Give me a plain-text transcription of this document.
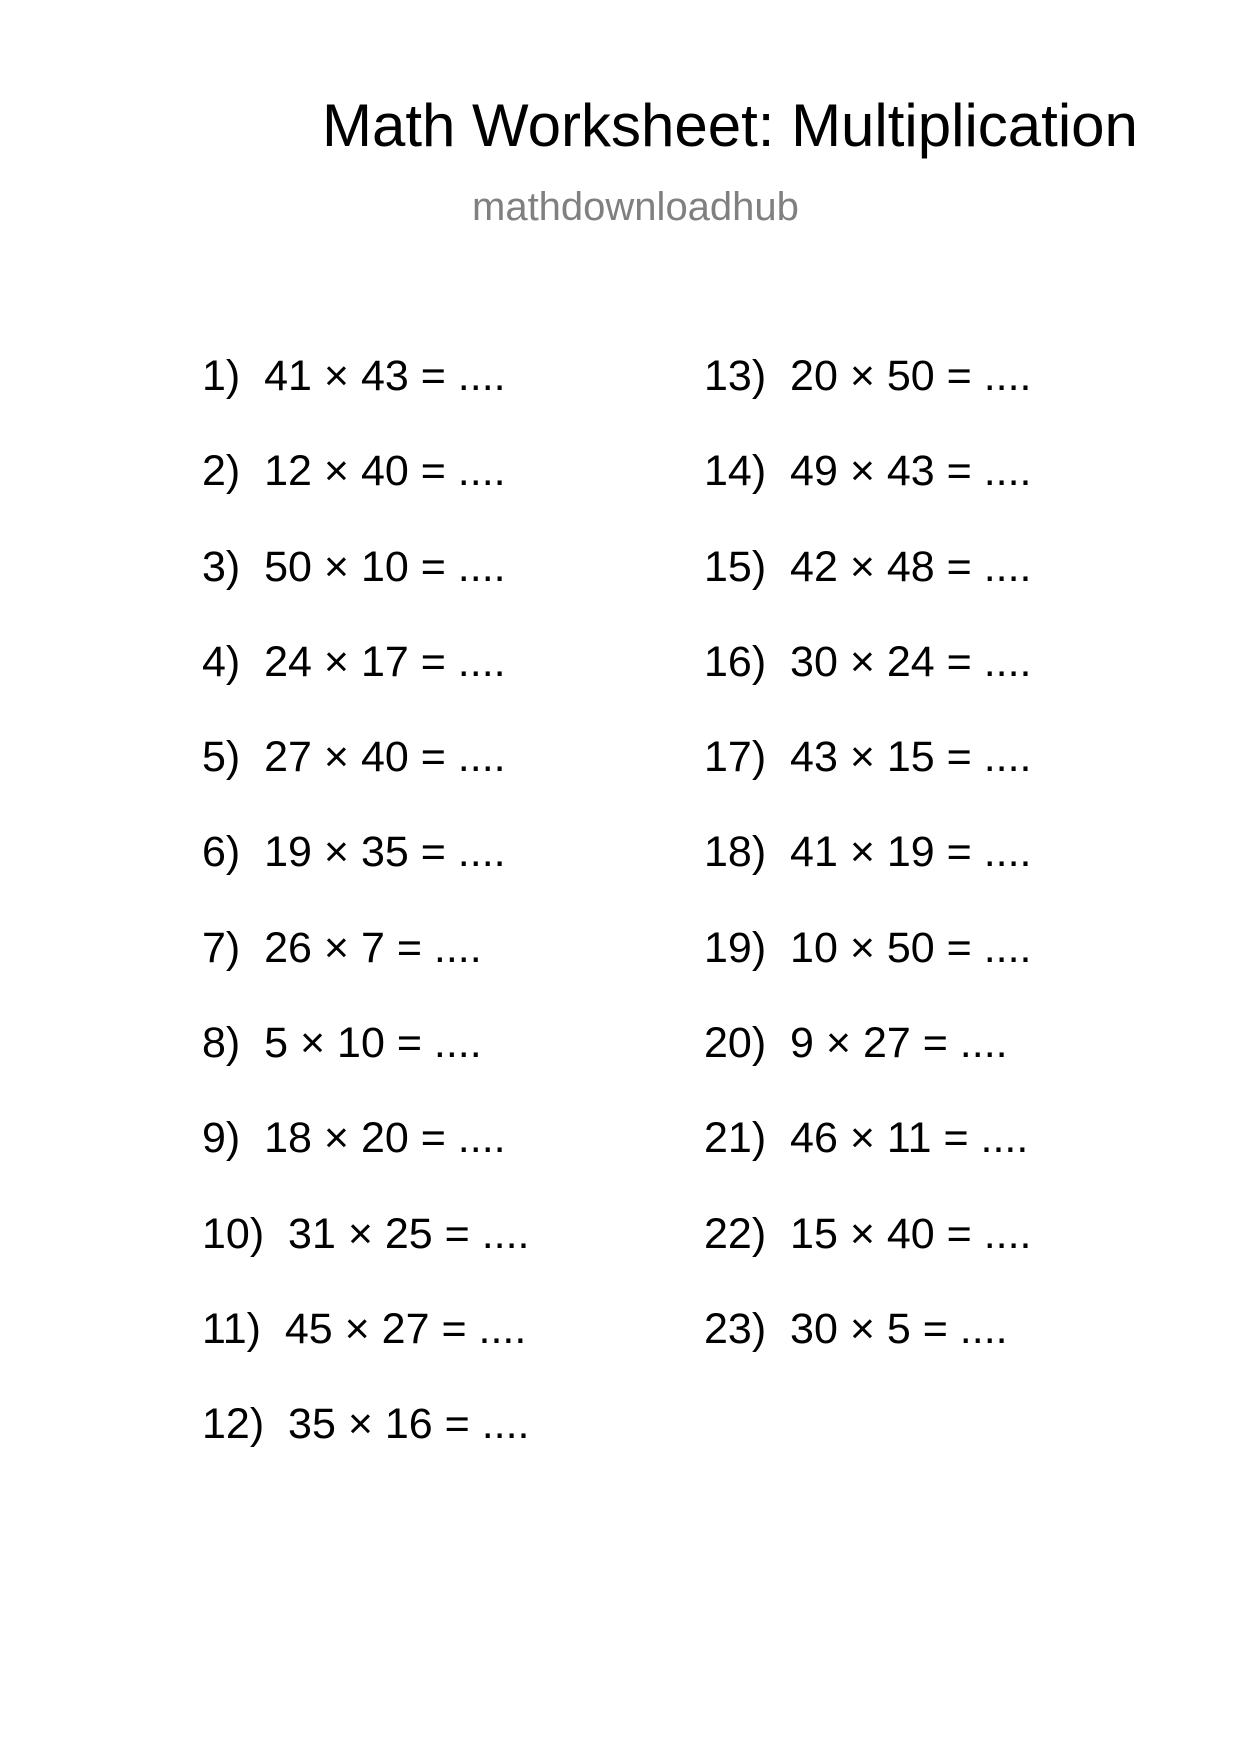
Math Worksheet: Multiplication
mathdownloadhub
1)  41 × 43 = ....
2)  12 × 40 = ....
3)  50 × 10 = ....
4)  24 × 17 = ....
5)  27 × 40 = ....
6)  19 × 35 = ....
7)  26 × 7 = ....
8)  5 × 10 = ....
9)  18 × 20 = ....
10)  31 × 25 = ....
11)  45 × 27 = ....
12)  35 × 16 = ....
13)  20 × 50 = ....
14)  49 × 43 = ....
15)  42 × 48 = ....
16)  30 × 24 = ....
17)  43 × 15 = ....
18)  41 × 19 = ....
19)  10 × 50 = ....
20)  9 × 27 = ....
21)  46 × 11 = ....
22)  15 × 40 = ....
23)  30 × 5 = ....
